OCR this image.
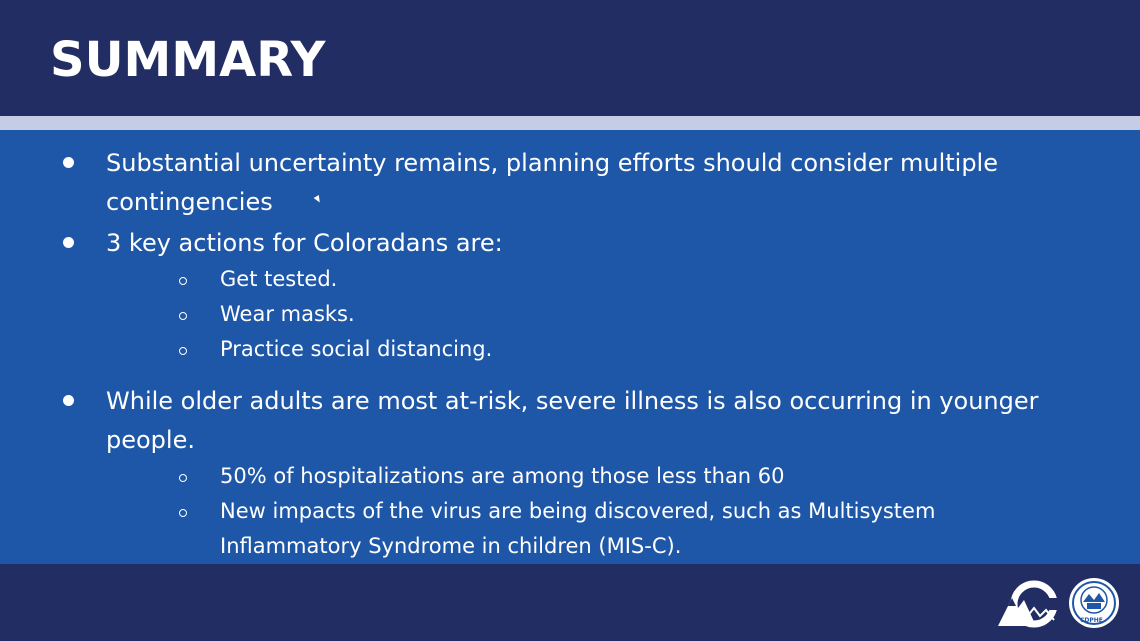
SUMMARY
Substantial uncertainty remains, planning efforts should consider multiple
contingencies
3 key actions for Coloradans are:
Get tested.
Wear masks.
Practice social distancing.
While older adults are most at-risk, severe illness is also occurring in younger
people.
50% of hospitalizations are among those less than 60
New impacts of the virus are being discovered, such as Multisystem
Inflammatory Syndrome in children (MIS-C).
CDPHE
